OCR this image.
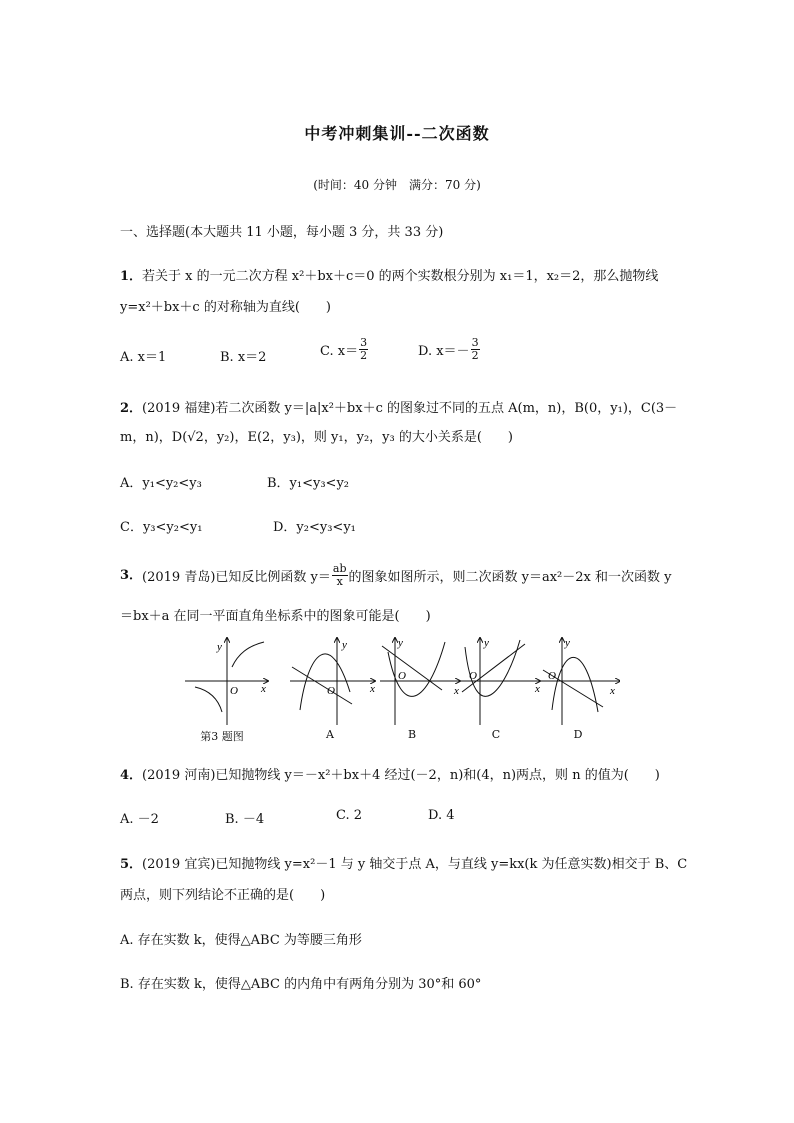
中考冲刺集训--二次函数
(时间：40 分钟　满分：70 分)
一、选择题(本大题共 11 小题，每小题 3 分，共 33 分)
1．若关于 x 的一元二次方程 x²＋bx＋c＝0 的两个实数根分别为 x₁＝1，x₂＝2，那么抛物线
y=x²＋bx＋c 的对称轴为直线(　　)
A. x＝1	B. x＝2	C. $x= \frac{3}{2}$	D. $x=- \frac{3}{2}$
2．(2019 福建)若二次函数 y＝|a|x²＋bx＋c 的图象过不同的五点 A(m，n)，B(0，y₁)，C(3－
m，n)，D(√2，y₂)，E(2，y₃)，则 y₁，y₂，y₃ 的大小关系是(　　)
A．y₁<y₂<y₃	B．y₁<y₃<y₂
C．y₃<y₂<y₁	D．y₂<y₃<y₁
3．(2019 青岛)已知反比例函数 $y= \frac{ab}{x}$ 的图象如图所示，则二次函数 y＝ax²－2x 和一次函数 y
＝bx＋a 在同一平面直角坐标系中的图象可能是(　　)
y
x
O
y
x
O
y
x
O
y
x
O
y
x
O
第3 题图	A	B	C	D
4．(2019 河南)已知抛物线 y＝－x²＋bx＋4 经过(－2，n)和(4，n)两点，则 n 的值为(　　)
A. －2	B. －4	C. 2	D. 4
5．(2019 宜宾)已知抛物线 y=x²－1 与 y 轴交于点 A，与直线 y=kx(k 为任意实数)相交于 B、C
两点，则下列结论不正确的是(　　)
A. 存在实数 k，使得△ABC 为等腰三角形
B. 存在实数 k，使得△ABC 的内角中有两角分别为 30°和 60°
